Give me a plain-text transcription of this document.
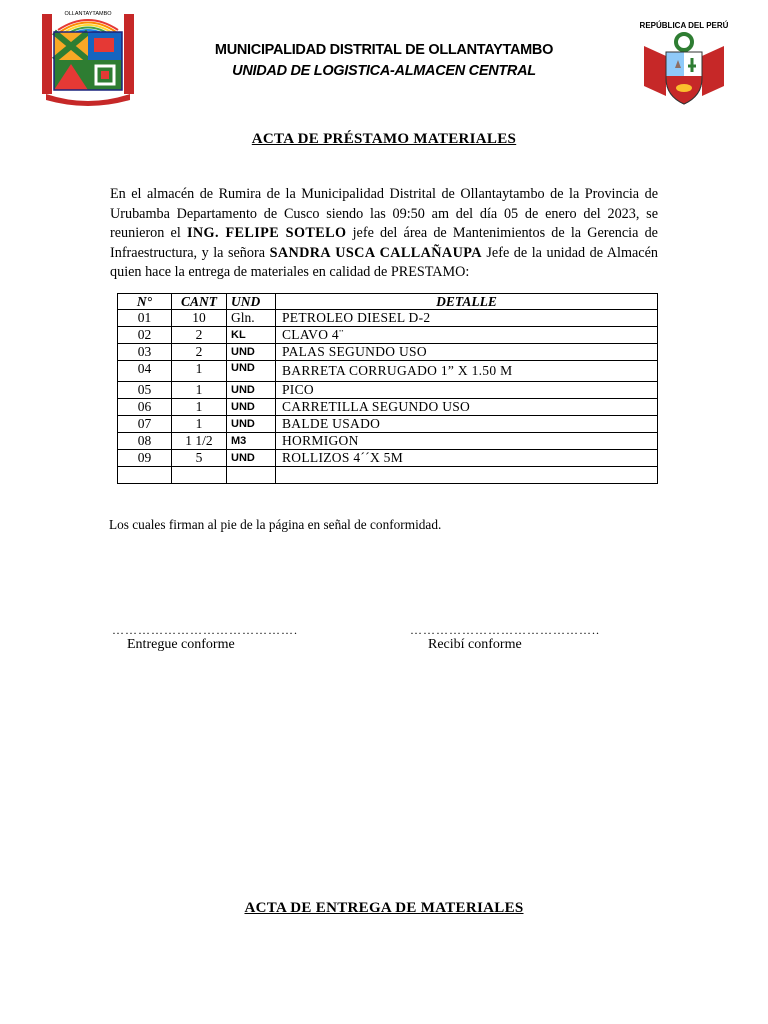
OLLANTAYTAMBO
MUNICIPALIDAD DISTRITAL DE OLLANTAYTAMBO
UNIDAD DE LOGISTICA-ALMACEN CENTRAL
REPÚBLICA DEL PERÚ
ACTA DE PRÉSTAMO MATERIALES
En el almacén de Rumira de la Municipalidad Distrital de Ollantaytambo de la Provincia de Urubamba Departamento de Cusco siendo las 09:50 am del día 05 de enero del 2023, se reunieron el ING. FELIPE SOTELO jefe del área de Mantenimientos de la Gerencia de Infraestructura, y la señora SANDRA USCA CALLAÑAUPA Jefe de la unidad de Almacén quien hace la entrega de materiales en calidad de PRESTAMO:
N°	CANT	UND	DETALLE
01	10	Gln.	PETROLEO DIESEL D-2
02	2	KL	CLAVO 4¨
03	2	UND	PALAS SEGUNDO USO
04	1	UND	BARRETA CORRUGADO 1” X 1.50 M
05	1	UND	PICO
06	1	UND	CARRETILLA SEGUNDO USO
07	1	UND	BALDE USADO
08	1 1/2	M3	HORMIGON
09	5	UND	ROLLIZOS 4´´X 5M

Los cuales firman al pie de la página en señal de conformidad.
…………………………………….	……………………………………..
Entregue conforme	Recibí conforme
ACTA DE ENTREGA DE MATERIALES
